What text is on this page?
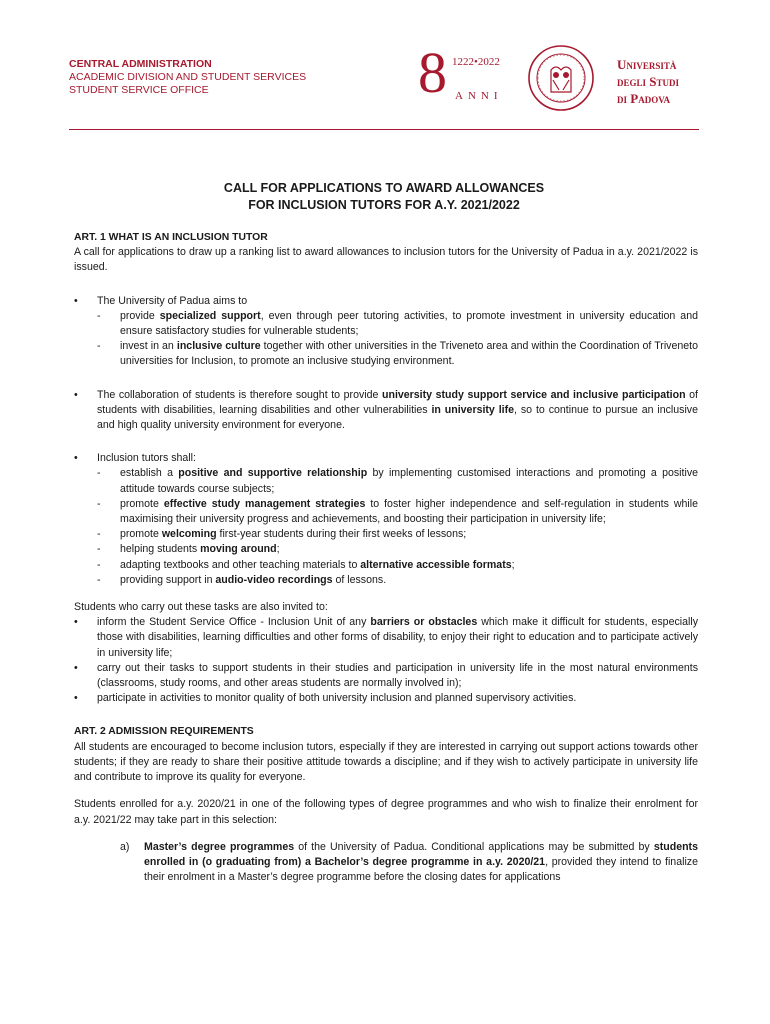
CENTRAL ADMINISTRATION
ACADEMIC DIVISION AND STUDENT SERVICES
STUDENT SERVICE OFFICE	8 1222•2022
ANNI
Università
degli Studi
di Padova
CALL FOR APPLICATIONS TO AWARD ALLOWANCES
FOR INCLUSION TUTORS FOR A.Y. 2021/2022

ART. 1 WHAT IS AN INCLUSION TUTOR

A call for applications to draw up a ranking list to award allowances to inclusion tutors for the University of Padua in a.y. 2021/2022 is issued.

• The University of Padua aims to

- provide specialized support, even through peer tutoring activities, to promote investment in university education and ensure satisfactory studies for vulnerable students;

- invest in an inclusive culture together with other universities in the Triveneto area and within the Coordination of Triveneto universities for Inclusion, to promote an inclusive studying environment.

• The collaboration of students is therefore sought to provide university study support service and inclusive participation of students with disabilities, learning disabilities and other vulnerabilities in university life, so to continue to pursue an inclusive and high quality university environment for everyone.

• Inclusion tutors shall:

- establish a positive and supportive relationship by implementing customised interactions and promoting a positive attitude towards course subjects;

- promote effective study management strategies to foster higher independence and self-regulation in students while maximising their university progress and achievements, and boosting their participation in university life;

- promote welcoming first-year students during their first weeks of lessons;

- helping students moving around;

- adapting textbooks and other teaching materials to alternative accessible formats;

- providing support in audio-video recordings of lessons.

Students who carry out these tasks are also invited to:

• inform the Student Service Office - Inclusion Unit of any barriers or obstacles which make it difficult for students, especially those with disabilities, learning difficulties and other forms of disability, to enjoy their right to education and to participate actively in university life;

• carry out their tasks to support students in their studies and participation in university life in the most natural environments (classrooms, study rooms, and other areas students are normally involved in);

• participate in activities to monitor quality of both university inclusion and planned supervisory activities.

ART. 2 ADMISSION REQUIREMENTS

All students are encouraged to become inclusion tutors, especially if they are interested in carrying out support actions towards other students; if they are ready to share their positive attitude towards a discipline; and if they wish to actively participate in university life and contribute to improve its quality for everyone.

Students enrolled for a.y. 2020/21 in one of the following types of degree programmes and who wish to finalize their enrolment for a.y. 2021/22 may take part in this selection:

a) Master’s degree programmes of the University of Padua. Conditional applications may be submitted by students enrolled in (o graduating from) a Bachelor’s degree programme in a.y. 2020/21, provided they intend to finalize their enrolment in a Master’s degree programme before the closing dates for applications
